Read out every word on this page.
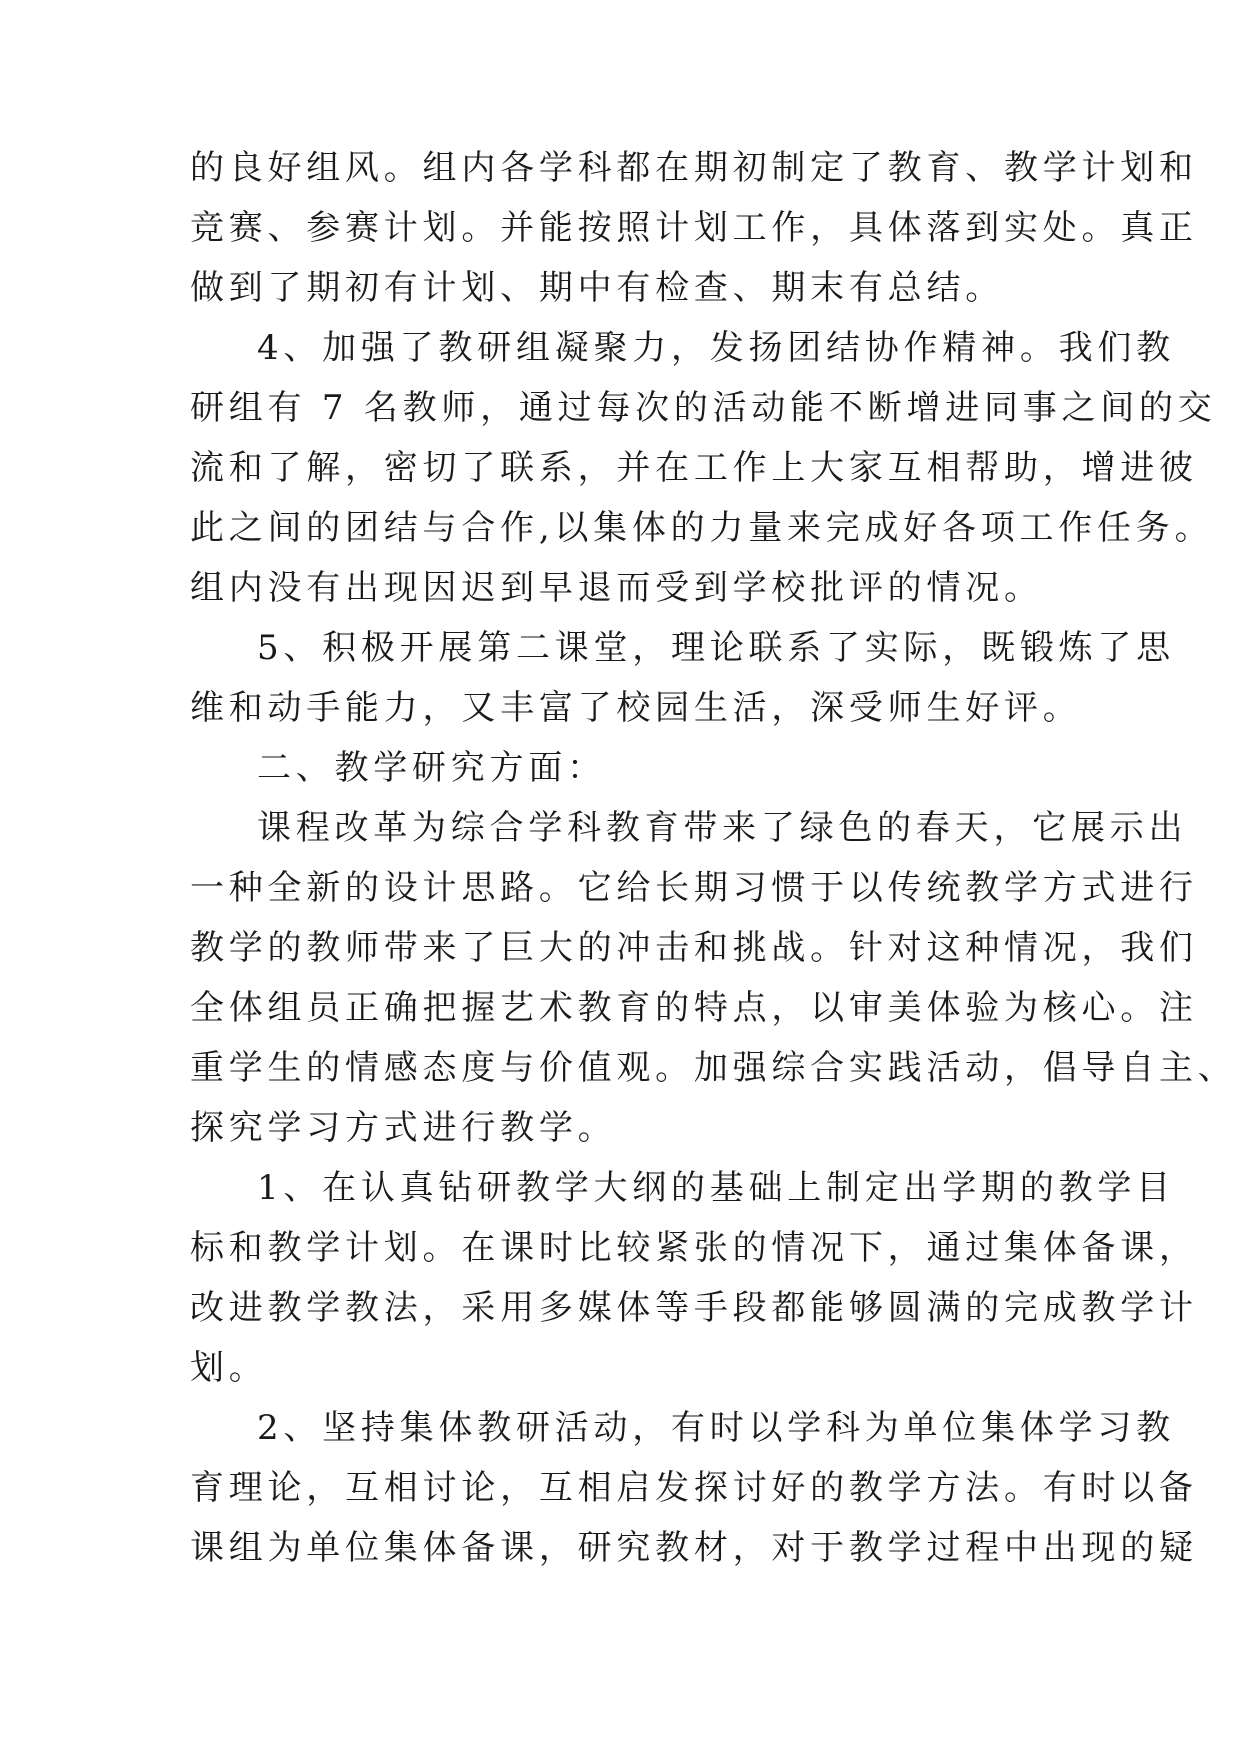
的良好组风。组内各学科都在期初制定了教育、教学计划和
竞赛、参赛计划。并能按照计划工作，具体落到实处。真正
做到了期初有计划、期中有检查、期末有总结。
4、加强了教研组凝聚力，发扬团结协作精神。我们教
研组有 7 名教师，通过每次的活动能不断增进同事之间的交
流和了解，密切了联系，并在工作上大家互相帮助，增进彼
此之间的团结与合作,以集体的力量来完成好各项工作任务。
组内没有出现因迟到早退而受到学校批评的情况。
5、积极开展第二课堂，理论联系了实际，既锻炼了思
维和动手能力，又丰富了校园生活，深受师生好评。
二、教学研究方面：
课程改革为综合学科教育带来了绿色的春天，它展示出
一种全新的设计思路。它给长期习惯于以传统教学方式进行
教学的教师带来了巨大的冲击和挑战。针对这种情况，我们
全体组员正确把握艺术教育的特点，以审美体验为核心。注
重学生的情感态度与价值观。加强综合实践活动，倡导自主、
探究学习方式进行教学。
1、在认真钻研教学大纲的基础上制定出学期的教学目
标和教学计划。在课时比较紧张的情况下，通过集体备课，
改进教学教法，采用多媒体等手段都能够圆满的完成教学计
划。
2、坚持集体教研活动，有时以学科为单位集体学习教
育理论，互相讨论，互相启发探讨好的教学方法。有时以备
课组为单位集体备课，研究教材，对于教学过程中出现的疑
